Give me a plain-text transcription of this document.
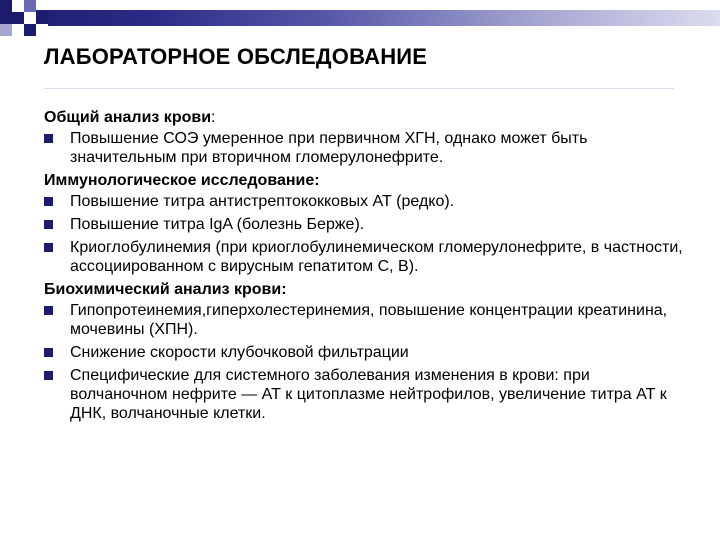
ЛАБОРАТОРНОЕ ОБСЛЕДОВАНИЕ
Общий анализ крови:
Повышение СОЭ умеренное при первичном ХГН, однако может быть значительным при вторичном гломерулонефрите.
Иммунологическое исследование:
Повышение титра антистрептококковых АТ (редко).
Повышение титра IgA (болезнь Берже).
Криоглобулинемия (при криоглобулинемическом гломерулонефрите, в частности, ассоциированном с вирусным гепатитом С, В).
Биохимический анализ крови:
Гипопротеинемия,гиперхолестеринемия, повышение концентрации креатинина, мочевины (ХПН).
Снижение скорости клубочковой фильтрации
Специфические для системного заболевания изменения в крови: при волчаночном нефрите — АТ к цитоплазме нейтрофилов, увеличение титра АТ к ДНК, волчаночные клетки.
